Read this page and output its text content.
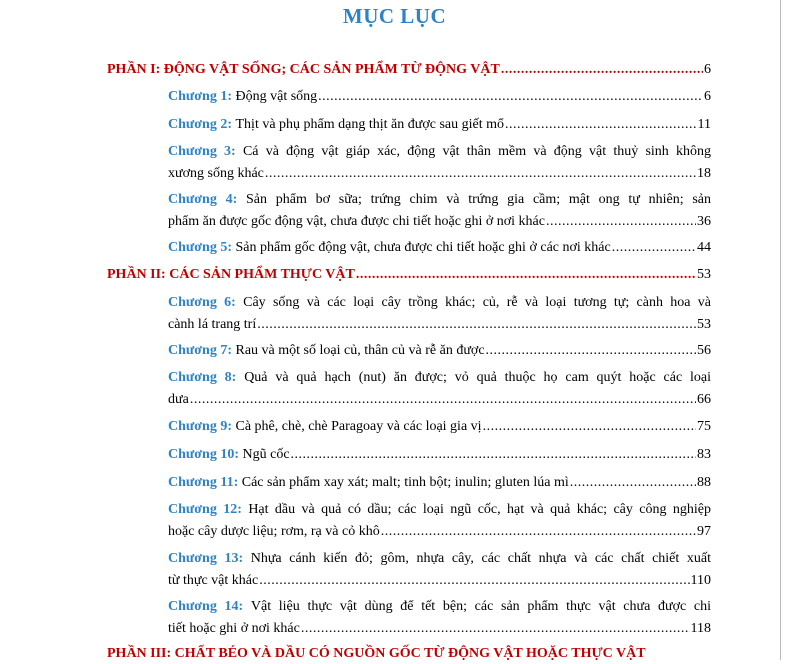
MỤC LỤC
PHẦN I: ĐỘNG VẬT SỐNG; CÁC SẢN PHẨM TỪ ĐỘNG VẬT .....	6
Chương 1:
Động vật sống .....	6
Chương 2:
Thịt và phụ phẩm dạng thịt ăn được sau giết mổ .....	11
Chương 3: Cá và động vật giáp xác, động vật thân mềm và động vật thuỷ sinh không
xương sống khác .....	18
Chương 4: Sản phẩm bơ sữa; trứng chim và trứng gia cầm; mật ong tự nhiên; sản
phẩm ăn được gốc động vật, chưa được chi tiết hoặc ghi ở nơi khác .....	36
Chương 5:
Sản phẩm gốc động vật, chưa được chi tiết hoặc ghi ở các nơi khác .....	44
PHẦN II: CÁC SẢN PHẨM THỰC VẬT .....	53
Chương 6: Cây sống và các loại cây trồng khác; củ, rễ và loại tương tự; cành hoa và
cành lá trang trí .....	53
Chương 7:
Rau và một số loại củ, thân củ và rễ ăn được .....	56
Chương 8: Quả và quả hạch (nut) ăn được; vỏ quả thuộc họ cam quýt hoặc các loại
dưa .....	66
Chương 9:
Cà phê, chè, chè Paragoay và các loại gia vị .....	75
Chương 10:
Ngũ cốc .....	83
Chương 11:
Các sản phẩm xay xát; malt; tinh bột; inulin; gluten lúa mì .....	88
Chương 12: Hạt dầu và quả có dầu; các loại ngũ cốc, hạt và quả khác; cây công nghiệp
hoặc cây dược liệu; rơm, rạ và cỏ khô .....	97
Chương 13: Nhựa cánh kiến đỏ; gôm, nhựa cây, các chất nhựa và các chất chiết xuất
từ thực vật khác .....	110
Chương 14: Vật liệu thực vật dùng để tết bện; các sản phẩm thực vật chưa được chi
tiết hoặc ghi ở nơi khác .....	118
PHẦN III: CHẤT BÉO VÀ DẦU CÓ NGUỒN GỐC TỪ ĐỘNG VẬT HOẶC THỰC VẬT
